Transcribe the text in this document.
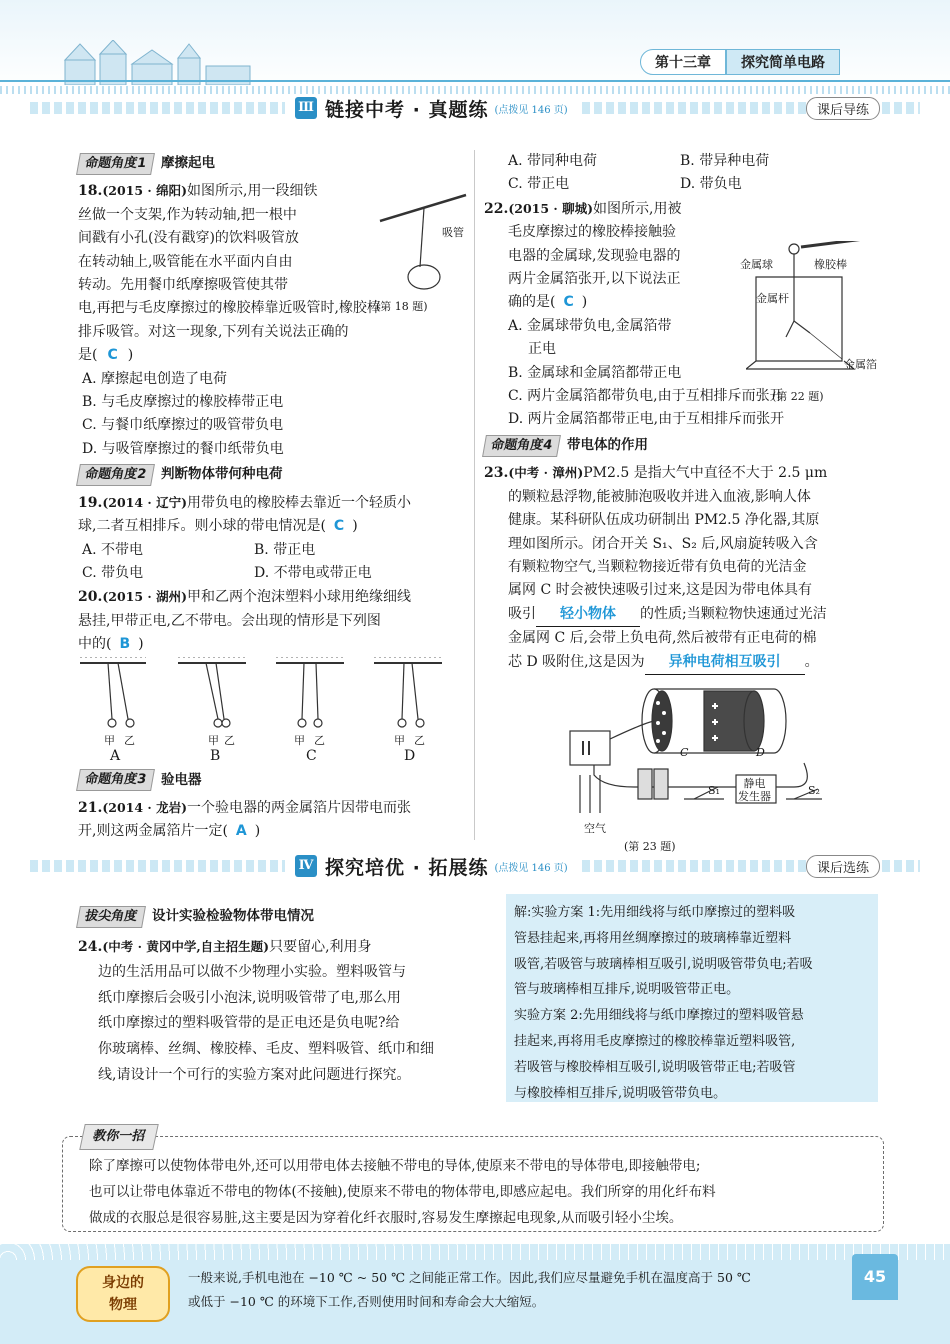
第十三章	探究简单电路
Ⅲ 链接中考 · 真题练 (点拨见 146 页)	课后导练
命题角度1	摩擦起电
18.(2015 · 绵阳)如图所示,用一段细铁
丝做一个支架,作为转动轴,把一根中
间戳有小孔(没有戳穿)的饮料吸管放
在转动轴上,吸管能在水平面内自由
转动。先用餐巾纸摩擦吸管使其带
电,再把与毛皮摩擦过的橡胶棒靠近吸管时,橡胶棒
排斥吸管。对这一现象,下列有关说法正确的
是( C )
吸管
(第 18 题)
A. 摩擦起电创造了电荷
B. 与毛皮摩擦过的橡胶棒带正电
C. 与餐巾纸摩擦过的吸管带负电
D. 与吸管摩擦过的餐巾纸带负电
命题角度2	判断物体带何种电荷
19.(2014 · 辽宁)用带负电的橡胶棒去靠近一个轻质小
球,二者互相排斥。则小球的带电情况是( C )
A. 不带电	B. 带正电
C. 带负电	D. 不带电或带正电
20.(2015 · 湖州)甲和乙两个泡沫塑料小球用绝缘细线
悬挂,甲带正电,乙不带电。会出现的情形是下列图
中的( B )
甲 乙	甲 乙	甲 乙	甲 乙
A	B	C	D
命题角度3	验电器
21.(2014 · 龙岩)一个验电器的两金属箔片因带电而张
开,则这两金属箔片一定( A )
A. 带同种电荷	B. 带异种电荷
C. 带正电	D. 带负电
22.(2015 · 聊城)如图所示,用被
毛皮摩擦过的橡胶棒接触验
电器的金属球,发现验电器的
两片金属箔张开,以下说法正
确的是( C )
A. 金属球带负电,金属箔带
正电
B. 金属球和金属箔都带正电
C. 两片金属箔都带负电,由于互相排斥而张开
D. 两片金属箔都带正电,由于互相排斥而张开
金属球	橡胶棒
金属杆
金属箔
(第 22 题)
命题角度4	带电体的作用
23.(中考 · 漳州)PM2.5 是指大气中直径不大于 2.5 μm
的颗粒悬浮物,能被肺泡吸收并进入血液,影响人体
健康。某科研队伍成功研制出 PM2.5 净化器,其原
理如图所示。闭合开关 S₁、S₂ 后,风扇旋转吸入含
有颗粒物空气,当颗粒物接近带有负电荷的光洁金
属网 C 时会被快速吸引过来,这是因为带电体具有
吸引 轻小物体 的性质;当颗粒物快速通过光洁
金属网 C 后,会带上负电荷,然后被带有正电荷的棉
芯 D 吸附住,这是因为 异种电荷相互吸引 。
C	D
S₁	S₂
静电
发生器
空气
(第 23 题)
Ⅳ 探究培优 · 拓展练 (点拨见 146 页)	课后选练
拔尖角度	设计实验检验物体带电情况
24.(中考 · 黄冈中学,自主招生题)只要留心,利用身
边的生活用品可以做不少物理小实验。塑料吸管与
纸巾摩擦后会吸引小泡沫,说明吸管带了电,那么用
纸巾摩擦过的塑料吸管带的是正电还是负电呢?给
你玻璃棒、丝绸、橡胶棒、毛皮、塑料吸管、纸巾和细
线,请设计一个可行的实验方案对此问题进行探究。
解:实验方案 1:先用细线将与纸巾摩擦过的塑料吸
管悬挂起来,再将用丝绸摩擦过的玻璃棒靠近塑料
吸管,若吸管与玻璃棒相互吸引,说明吸管带负电;若吸
管与玻璃棒相互排斥,说明吸管带正电。
实验方案 2:先用细线将与纸巾摩擦过的塑料吸管悬
挂起来,再将用毛皮摩擦过的橡胶棒靠近塑料吸管,
若吸管与橡胶棒相互吸引,说明吸管带正电;若吸管
与橡胶棒相互排斥,说明吸管带负电。
除了摩擦可以使物体带电外,还可以用带电体去接触不带电的导体,使原来不带电的导体带电,即接触带电;
也可以让带电体靠近不带电的物体(不接触),使原来不带电的物体带电,即感应起电。我们所穿的用化纤布料
做成的衣服总是很容易脏,这主要是因为穿着化纤衣服时,容易发生摩擦起电现象,从而吸引轻小尘埃。
教你一招
身边的
物理
一般来说,手机电池在 −10 ℃ ~ 50 ℃ 之间能正常工作。因此,我们应尽量避免手机在温度高于 50 ℃
或低于 −10 ℃ 的环境下工作,否则使用时间和寿命会大大缩短。
45
